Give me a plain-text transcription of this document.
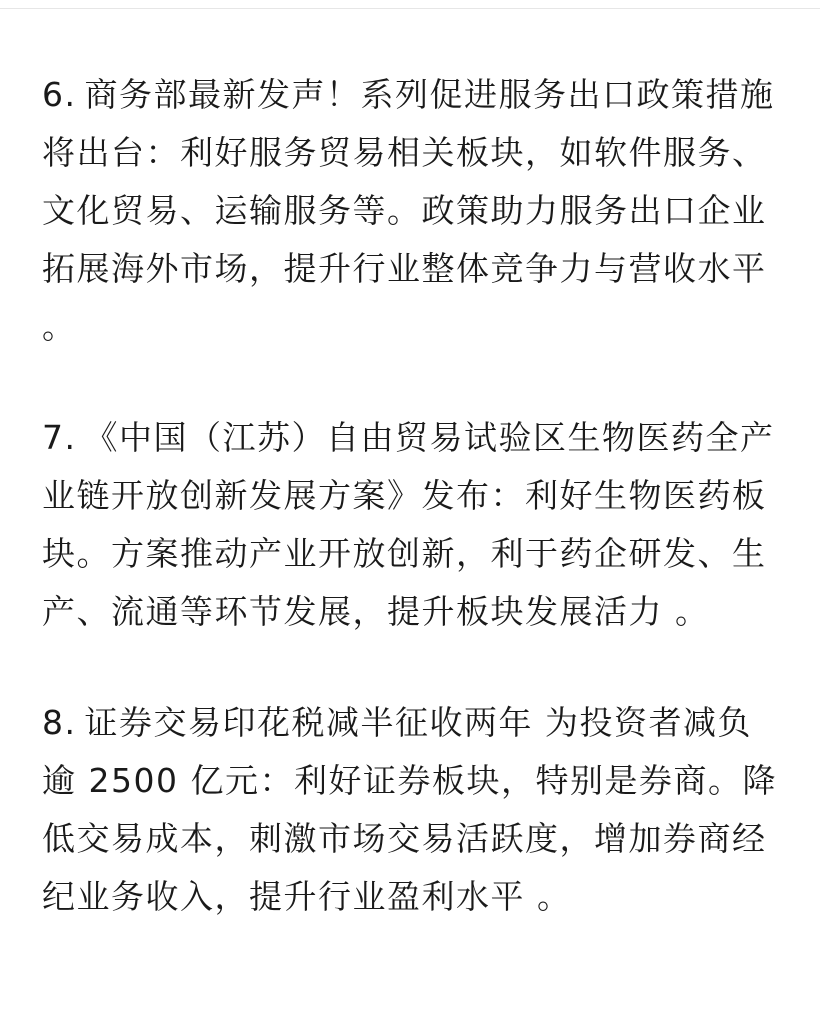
6. 商务部最新发声！系列促进服务出口政策措施将出台：利好服务贸易相关板块，如软件服务、文化贸易、运输服务等。政策助力服务出口企业拓展海外市场，提升行业整体竞争力与营收水平 。

7. 《中国（江苏）自由贸易试验区生物医药全产业链开放创新发展方案》发布：利好生物医药板块。方案推动产业开放创新，利于药企研发、生产、流通等环节发展，提升板块发展活力 。

8. 证券交易印花税减半征收两年 为投资者减负逾 2500 亿元：利好证券板块，特别是券商。降低交易成本，刺激市场交易活跃度，增加券商经纪业务收入，提升行业盈利水平 。
